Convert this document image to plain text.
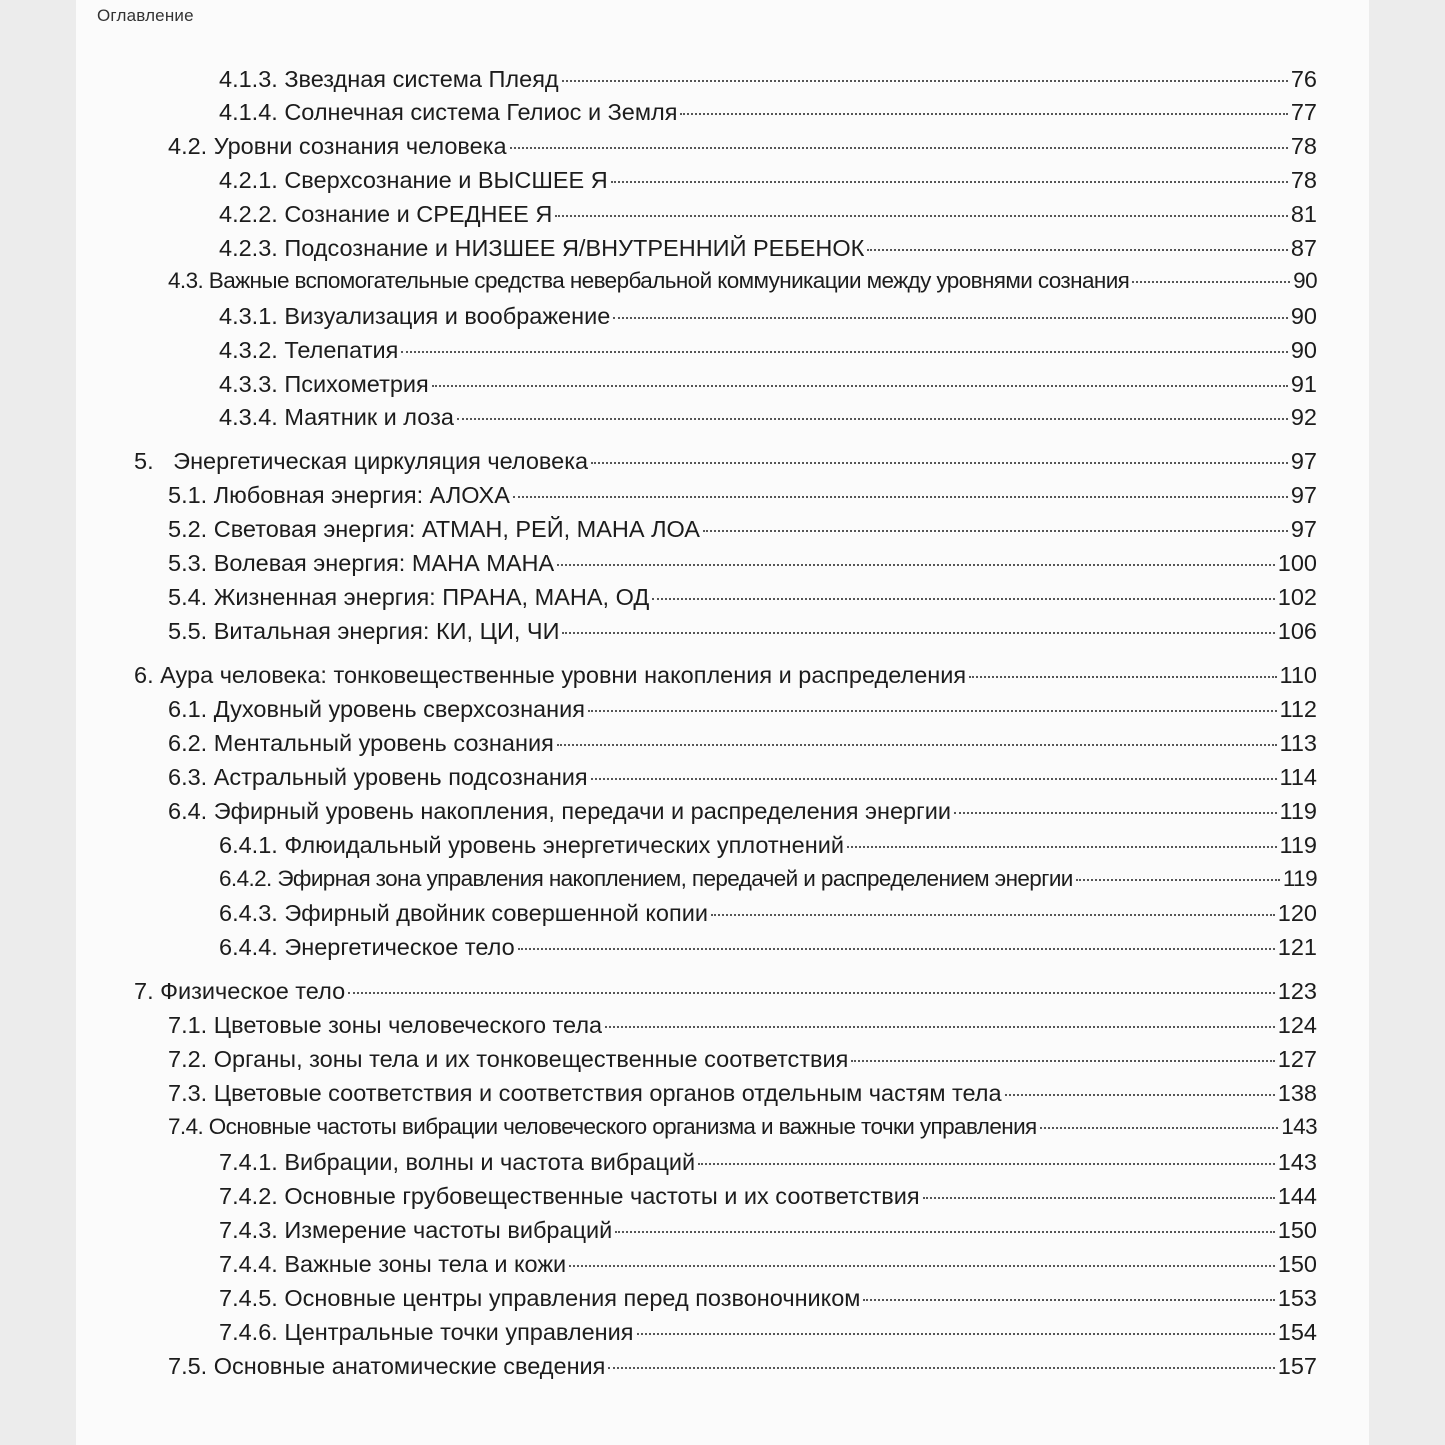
Оглавление
4.1.3. Звездная система Плеяд	76
4.1.4. Солнечная система Гелиос и Земля	77
4.2. Уровни сознания человека	78
4.2.1. Сверхсознание и ВЫСШЕЕ Я	78
4.2.2. Сознание и СРЕДНЕЕ Я	81
4.2.3. Подсознание и НИЗШЕЕ Я/ВНУТРЕННИЙ РЕБЕНОК	87
4.3. Важные вспомогательные средства невербальной коммуникации между уровнями сознания	90
4.3.1. Визуализация и воображение	90
4.3.2. Телепатия	90
4.3.3. Психометрия	91
4.3.4. Маятник и лоза	92
5.   Энергетическая циркуляция человека	97
5.1. Любовная энергия: АЛОХА	97
5.2. Световая энергия: АТМАН, РЕЙ, МАНА ЛОА	97
5.3. Волевая энергия: МАНА МАНА	100
5.4. Жизненная энергия: ПРАНА, МАНА, ОД	102
5.5. Витальная энергия: КИ, ЦИ, ЧИ	106
6. Аура человека: тонковещественные уровни накопления и распределения	110
6.1. Духовный уровень сверхсознания	112
6.2. Ментальный уровень сознания	113
6.3. Астральный уровень подсознания	114
6.4. Эфирный уровень накопления, передачи и распределения энергии	119
6.4.1. Флюидальный уровень энергетических уплотнений	119
6.4.2. Эфирная зона управления накоплением, передачей и распределением энергии	119
6.4.3. Эфирный двойник совершенной копии	120
6.4.4. Энергетическое тело	121
7. Физическое тело	123
7.1. Цветовые зоны человеческого тела	124
7.2. Органы, зоны тела и их тонковещественные соответствия	127
7.3. Цветовые соответствия и соответствия органов отдельным частям тела	138
7.4. Основные частоты вибрации человеческого организма и важные точки управления	143
7.4.1. Вибрации, волны и частота вибраций	143
7.4.2. Основные грубовещественные частоты и их соответствия	144
7.4.3. Измерение частоты вибраций	150
7.4.4. Важные зоны тела и кожи	150
7.4.5. Основные центры управления перед позвоночником	153
7.4.6. Центральные точки управления	154
7.5. Основные анатомические сведения	157
